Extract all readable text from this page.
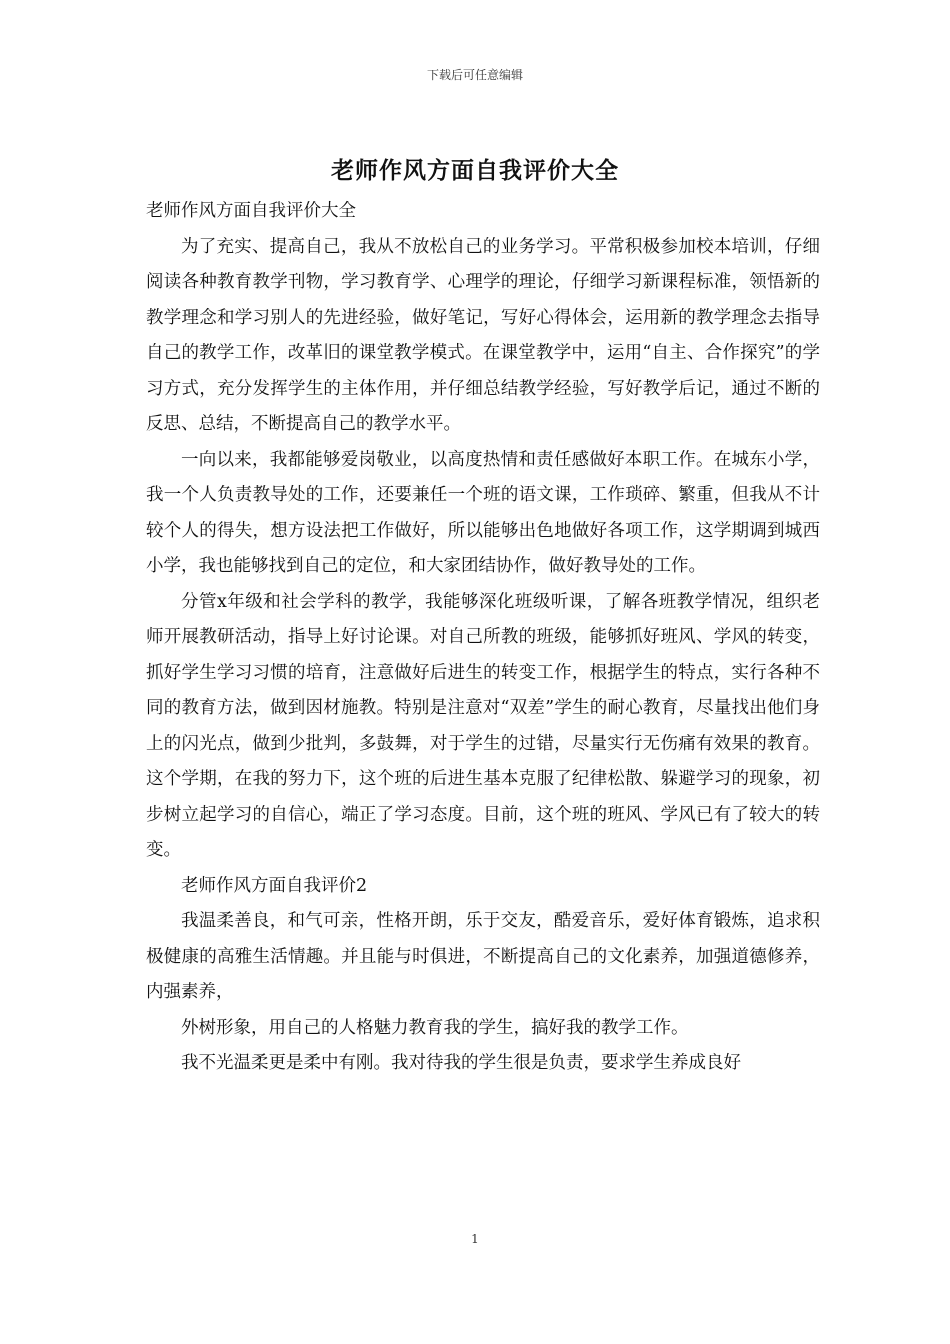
下载后可任意编辑
老师作风方面自我评价大全

老师作风方面自我评价大全

为了充实、提高自己，我从不放松自己的业务学习。平常积极参加校本培训，仔细阅读各种教育教学刊物，学习教育学、心理学的理论，仔细学习新课程标准，领悟新的教学理念和学习别人的先进经验，做好笔记，写好心得体会，运用新的教学理念去指导自己的教学工作，改革旧的课堂教学模式。在课堂教学中，运用“自主、合作探究”的学习方式，充分发挥学生的主体作用，并仔细总结教学经验，写好教学后记，通过不断的反思、总结，不断提高自己的教学水平。

一向以来，我都能够爱岗敬业，以高度热情和责任感做好本职工作。在城东小学，我一个人负责教导处的工作，还要兼任一个班的语文课，工作琐碎、繁重，但我从不计较个人的得失，想方设法把工作做好，所以能够出色地做好各项工作，这学期调到城西小学，我也能够找到自己的定位，和大家团结协作，做好教导处的工作。

分管x年级和社会学科的教学，我能够深化班级听课，了解各班教学情况，组织老师开展教研活动，指导上好讨论课。对自己所教的班级，能够抓好班风、学风的转变，抓好学生学习习惯的培育，注意做好后进生的转变工作，根据学生的特点，实行各种不同的教育方法，做到因材施教。特别是注意对“双差”学生的耐心教育，尽量找出他们身上的闪光点，做到少批判，多鼓舞，对于学生的过错，尽量实行无伤痛有效果的教育。这个学期，在我的努力下，这个班的后进生基本克服了纪律松散、躲避学习的现象，初步树立起学习的自信心，端正了学习态度。目前，这个班的班风、学风已有了较大的转变。

老师作风方面自我评价2

我温柔善良，和气可亲，性格开朗，乐于交友，酷爱音乐，爱好体育锻炼，追求积极健康的高雅生活情趣。并且能与时俱进，不断提高自己的文化素养，加强道德修养，内强素养，

外树形象，用自己的人格魅力教育我的学生，搞好我的教学工作。

我不光温柔更是柔中有刚。我对待我的学生很是负责，要求学生养成良好

1
